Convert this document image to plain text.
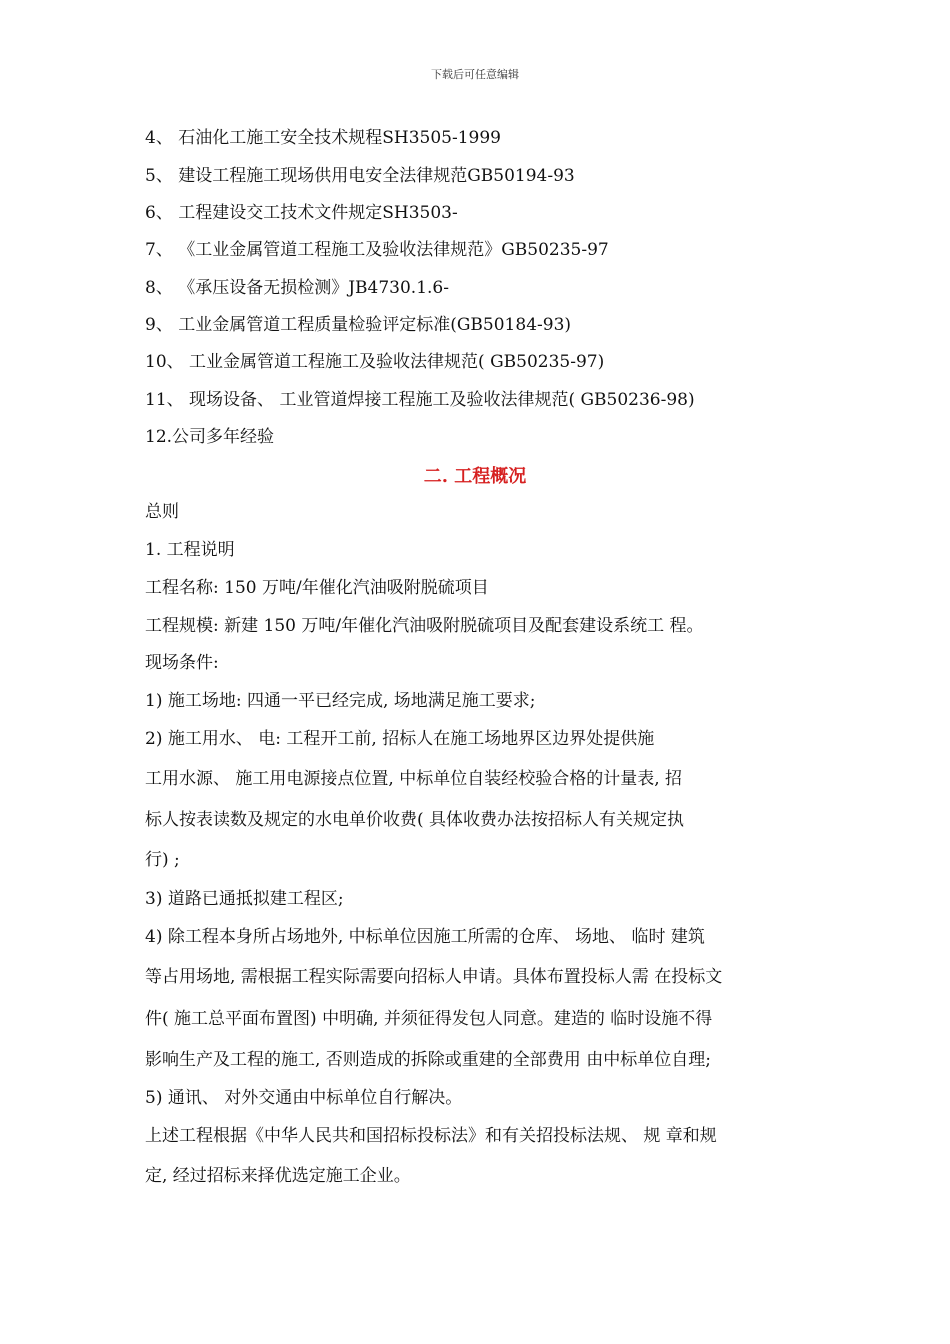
下载后可任意编辑
4、 石油化工施工安全技术规程SH3505-1999
5、 建设工程施工现场供用电安全法律规范GB50194-93
6、 工程建设交工技术文件规定SH3503-
7、 《工业金属管道工程施工及验收法律规范》GB50235-97
8、 《承压设备无损检测》JB4730.1.6-
9、 工业金属管道工程质量检验评定标准(GB50184-93)
10、 工业金属管道工程施工及验收法律规范( GB50235-97)
11、 现场设备、 工业管道焊接工程施工及验收法律规范( GB50236-98)
12.公司多年经验
二. 工程概况
总则
1. 工程说明
工程名称: 150 万吨/年催化汽油吸附脱硫项目
工程规模: 新建 150 万吨/年催化汽油吸附脱硫项目及配套建设系统工 程。
现场条件:
1) 施工场地: 四通一平已经完成, 场地满足施工要求;
2) 施工用水、 电: 工程开工前, 招标人在施工场地界区边界处提供施
工用水源、 施工用电源接点位置, 中标单位自装经校验合格的计量表, 招
标人按表读数及规定的水电单价收费( 具体收费办法按招标人有关规定执
行) ;
3) 道路已通抵拟建工程区;
4) 除工程本身所占场地外, 中标单位因施工所需的仓库、 场地、 临时 建筑
等占用场地, 需根据工程实际需要向招标人申请。具体布置投标人需 在投标文
件( 施工总平面布置图) 中明确, 并须征得发包人同意。建造的 临时设施不得
影响生产及工程的施工, 否则造成的拆除或重建的全部费用 由中标单位自理;
5) 通讯、 对外交通由中标单位自行解决。
上述工程根据《中华人民共和国招标投标法》和有关招投标法规、 规 章和规
定, 经过招标来择优选定施工企业。
